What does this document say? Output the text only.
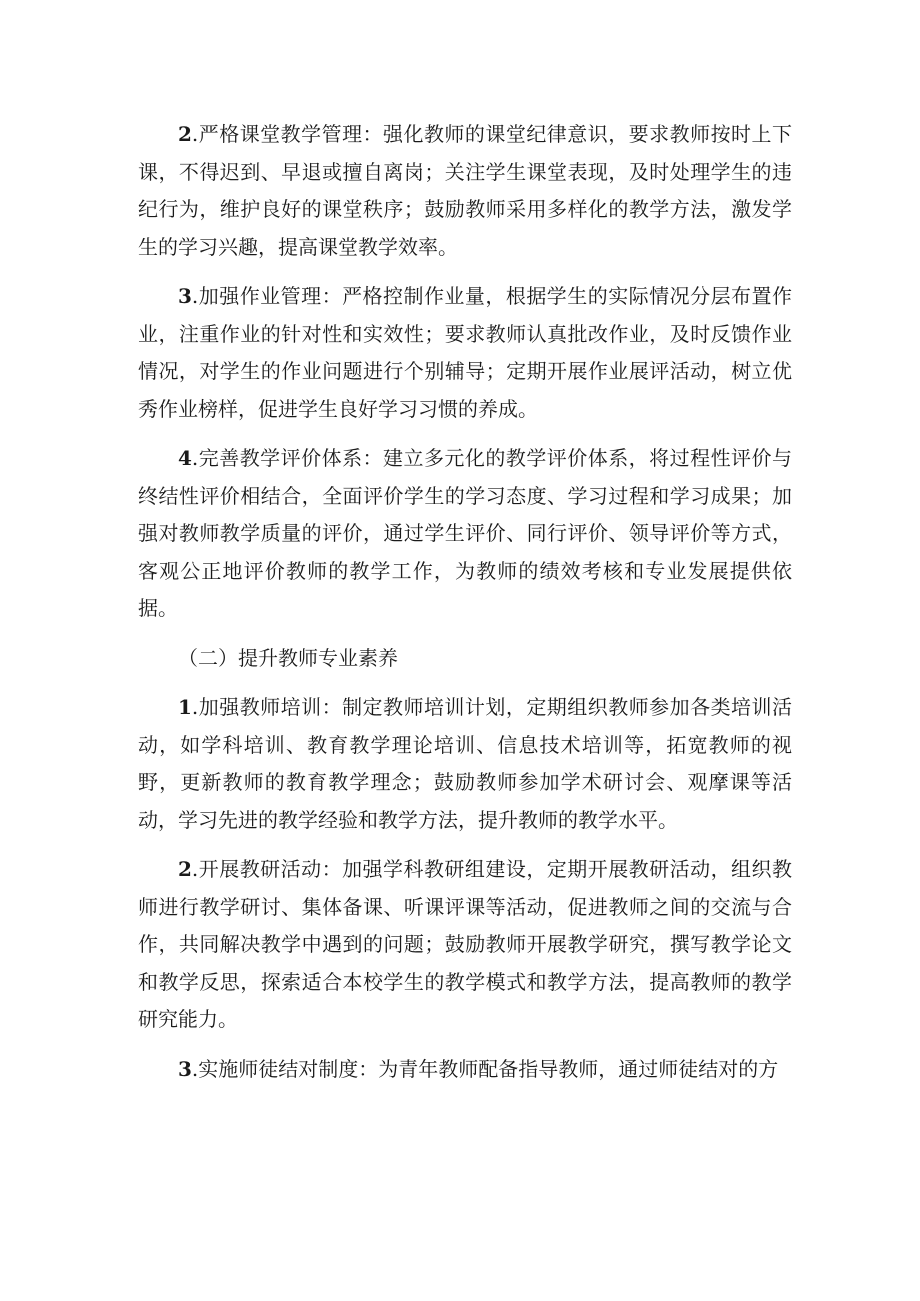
2.严格课堂教学管理：强化教师的课堂纪律意识，要求教师按时上下课，不得迟到、早退或擅自离岗；关注学生课堂表现，及时处理学生的违纪行为，维护良好的课堂秩序；鼓励教师采用多样化的教学方法，激发学生的学习兴趣，提高课堂教学效率。

3.加强作业管理：严格控制作业量，根据学生的实际情况分层布置作业，注重作业的针对性和实效性；要求教师认真批改作业，及时反馈作业情况，对学生的作业问题进行个别辅导；定期开展作业展评活动，树立优秀作业榜样，促进学生良好学习习惯的养成。

4.完善教学评价体系：建立多元化的教学评价体系，将过程性评价与终结性评价相结合，全面评价学生的学习态度、学习过程和学习成果；加强对教师教学质量的评价，通过学生评价、同行评价、领导评价等方式，客观公正地评价教师的教学工作，为教师的绩效考核和专业发展提供依据。

（二）提升教师专业素养

1.加强教师培训：制定教师培训计划，定期组织教师参加各类培训活动，如学科培训、教育教学理论培训、信息技术培训等，拓宽教师的视野，更新教师的教育教学理念；鼓励教师参加学术研讨会、观摩课等活动，学习先进的教学经验和教学方法，提升教师的教学水平。

2.开展教研活动：加强学科教研组建设，定期开展教研活动，组织教师进行教学研讨、集体备课、听课评课等活动，促进教师之间的交流与合作，共同解决教学中遇到的问题；鼓励教师开展教学研究，撰写教学论文和教学反思，探索适合本校学生的教学模式和教学方法，提高教师的教学研究能力。

3.实施师徒结对制度：为青年教师配备指导教师，通过师徒结对的方
